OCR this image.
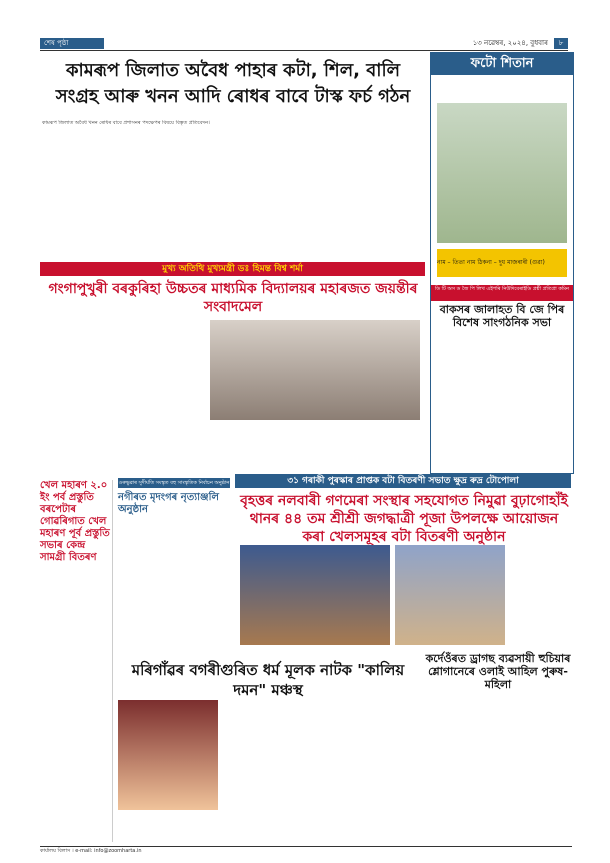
শেষ পৃষ্ঠা	১৩ নৱেম্বৰ, ২০২৪, বুধবাৰ	৮
কামৰূপ জিলাত অবৈধ পাহাৰ কটা, শিল, বালি সংগ্ৰহ আৰু খনন আদি ৰোধৰ বাবে টাস্ক ফৰ্চ গঠন
কামৰূপ জিলাত অবৈধ খনন ৰোধৰ বাবে প্ৰশাসনৰ পদক্ষেপৰ বিষয়ে বিস্তৃত প্ৰতিবেদন।
ফটো শিতান
নাম – তিতা নাম ঠিকনা – দুধ মাজৰাৰী (গুৱা)
ডি টি অস ড জৈ পি লিখ এইপৰি নিউদিবেৰাইডি প্ৰশ্নী প্ৰতিপ্ৰা কমিন
বাকসৰ জালাহত বি জে পিৰ বিশেষ সাংগঠনিক সভা
মুখ্য অতিথি মুখ্যমন্ত্ৰী ডঃ হিমন্ত বিশ্ব শৰ্মা
গংগাপুখুৰী বৰকুৰিহা উচ্চতৰ মাধ্যমিক বিদ্যালয়ৰ মহাৰজত জয়ন্তীৰ সংবাদমেল
৩১ গৰাকী পুৰস্কাৰ প্ৰাপ্তক বটা বিতৰণী সভাত ক্ষুদ্ৰ ৰুদ্ৰ টোপোলা
বৃহত্তৰ নলবাৰী গণমেৰা সংস্থাৰ সহযোগত নিমুৱা বুঢ়াগোহাঁই থানৰ ৪৪ তম শ্ৰীশ্ৰী জগদ্ধাত্ৰী পূজা উপলক্ষে আয়োজন কৰা খেলসমূহৰ বটা বিতৰণী অনুষ্ঠান
খেল মহাৰণ ২.০ ইং পৰ্ব প্ৰস্তুতি বৰপেটাৰ গোৱৰিগাত খেল মহাৰণ পূৰ্ব প্ৰস্তুতি সভাৰ কেন্দ্ৰ সামগ্ৰী বিতৰণ
ওৰুভুৱাৰ সুদীৰ্ঘতি সংস্কৃত বহু সাংস্কৃতিক নিৰ্বাচন অনুষ্ঠান
নগীৰত মৃদংগৰ নৃত্যাঞ্জলি অনুষ্ঠান
মৰিগাঁৱৰ বগৰীগুৰিত ধৰ্ম মূলক নাটক "কালিয় দমন" মঞ্চস্থ
কৰ্দেওঁৰত ড্ৰাগছ ব্যৱসায়ী হুচিয়াৰ শ্লোগানেৰে ওলাই আহিল পুৰুষ-মহিলা
কাৰ্যালয় বিলাস । e-mail: info@zoomharta.in
